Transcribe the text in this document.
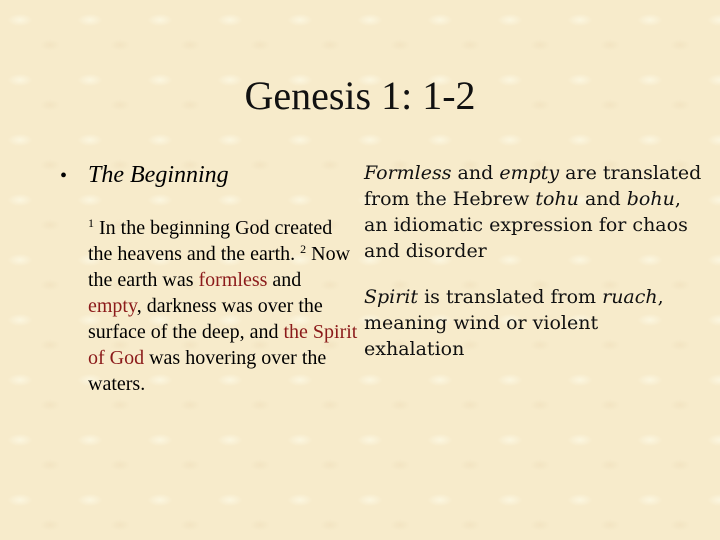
Genesis 1: 1-2
• The Beginning
$^1$ In the beginning God created the heavens and the earth. $^2$ Now the earth was formless and empty, darkness was over the surface of the deep, and the Spirit of God was hovering over the waters.

Formless and empty are translated from the Hebrew tohu and bohu, an idiomatic expression for chaos and disorder

Spirit is translated from ruach, meaning wind or violent exhalation
